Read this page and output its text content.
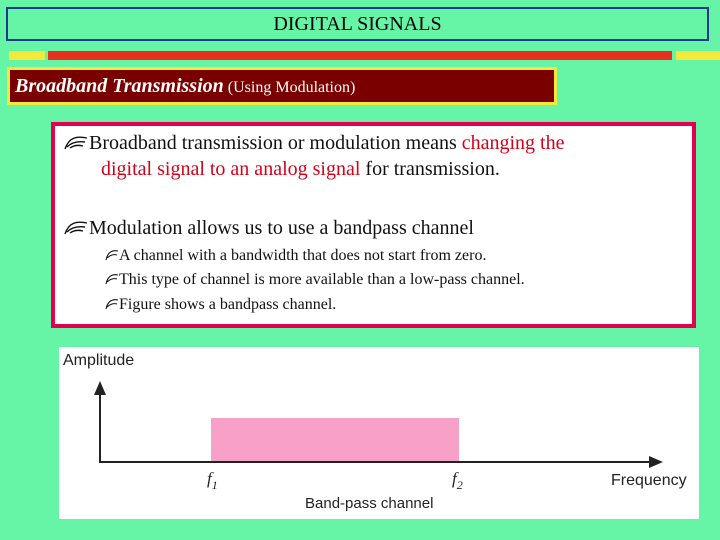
DIGITAL SIGNALS
Broadband Transmission (Using Modulation)
Broadband transmission or modulation means changing the
digital signal to an analog signal for transmission.
Modulation allows us to use a bandpass channel
A channel with a bandwidth that does not start from zero.
This type of channel is more available than a low-pass channel.
Figure shows a bandpass channel.
Amplitude
$f_1$	$f_2$	Frequency
Band-pass channel
